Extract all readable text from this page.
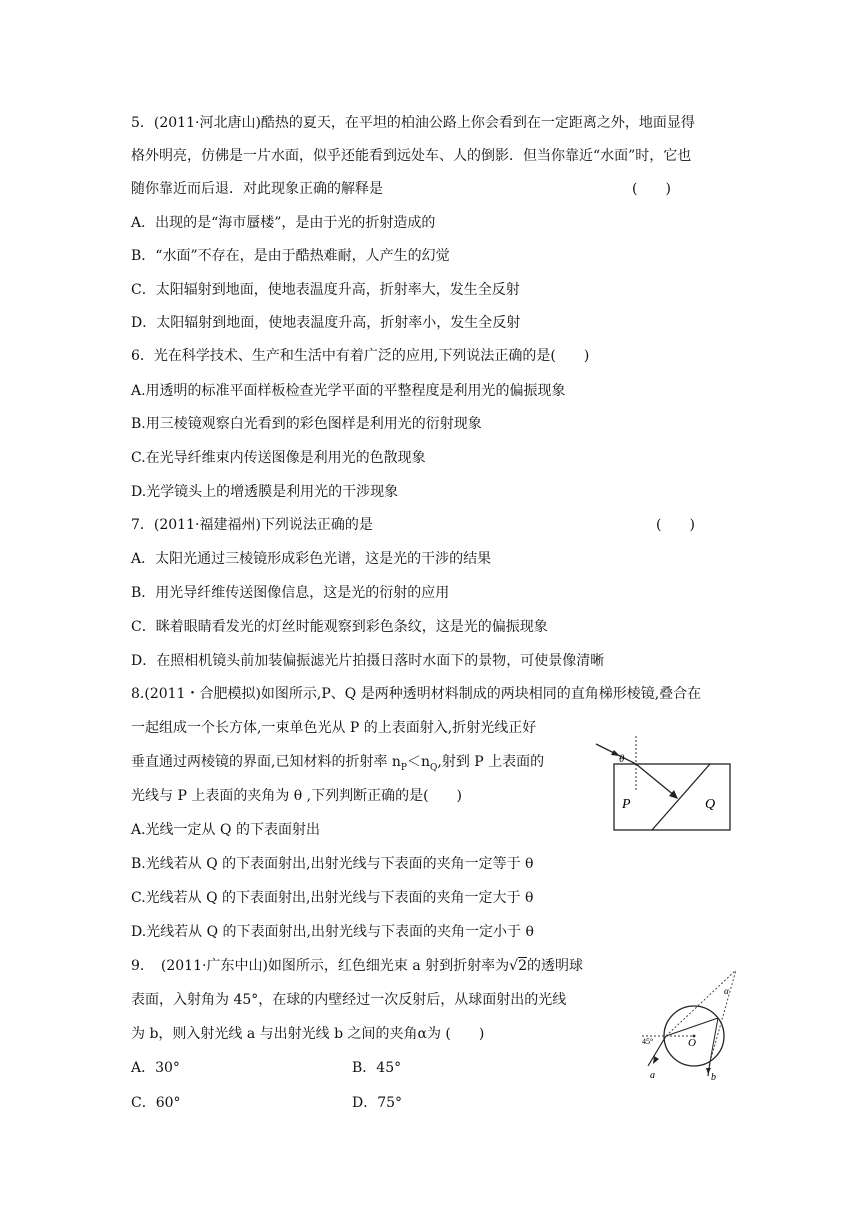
5．(2011·河北唐山)酷热的夏天，在平坦的柏油公路上你会看到在一定距离之外，地面显得
格外明亮，仿佛是一片水面，似乎还能看到远处车、人的倒影．但当你靠近“水面”时，它也
随你靠近而后退．对此现象正确的解释是	(　　)
A．出现的是“海市蜃楼”，是由于光的折射造成的
B．“水面”不存在，是由于酷热难耐，人产生的幻觉
C．太阳辐射到地面，使地表温度升高，折射率大，发生全反射
D．太阳辐射到地面，使地表温度升高，折射率小，发生全反射
6．光在科学技术、生产和生活中有着广泛的应用,下列说法正确的是(　　)
A.用透明的标准平面样板检查光学平面的平整程度是利用光的偏振现象
B.用三棱镜观察白光看到的彩色图样是利用光的衍射现象
C.在光导纤维束内传送图像是利用光的色散现象
D.光学镜头上的增透膜是利用光的干涉现象
7．(2011·福建福州)下列说法正确的是	(　　)
A．太阳光通过三棱镜形成彩色光谱，这是光的干涉的结果
B．用光导纤维传送图像信息，这是光的衍射的应用
C．眯着眼睛看发光的灯丝时能观察到彩色条纹，这是光的偏振现象
D．在照相机镜头前加装偏振滤光片拍摄日落时水面下的景物，可使景像清晰
8.(2011・合肥模拟)如图所示,P、Q 是两种透明材料制成的两块相同的直角梯形棱镜,叠合在
一起组成一个长方体,一束单色光从 P 的上表面射入,折射光线正好
垂直通过两棱镜的界面,已知材料的折射率 $n_P<n_Q$,射到 P 上表面的
光线与 P 上表面的夹角为 θ ,下列判断正确的是(　　)
A.光线一定从 Q 的下表面射出
B.光线若从 Q 的下表面射出,出射光线与下表面的夹角一定等于 θ
C.光线若从 Q 的下表面射出,出射光线与下表面的夹角一定大于 θ
D.光线若从 Q 的下表面射出,出射光线与下表面的夹角一定小于 θ
θ
P	Q
9．　(2011·广东中山)如图所示，红色细光束 a 射到折射率为√2的透明球
表面，入射角为 45°，在球的内壁经过一次反射后，从球面射出的光线
为 b，则入射光线 a 与出射光线 b 之间的夹角α为 (　　)
A．30°	B．45°
C．60°	D．75°
45°
α
O
a	b
